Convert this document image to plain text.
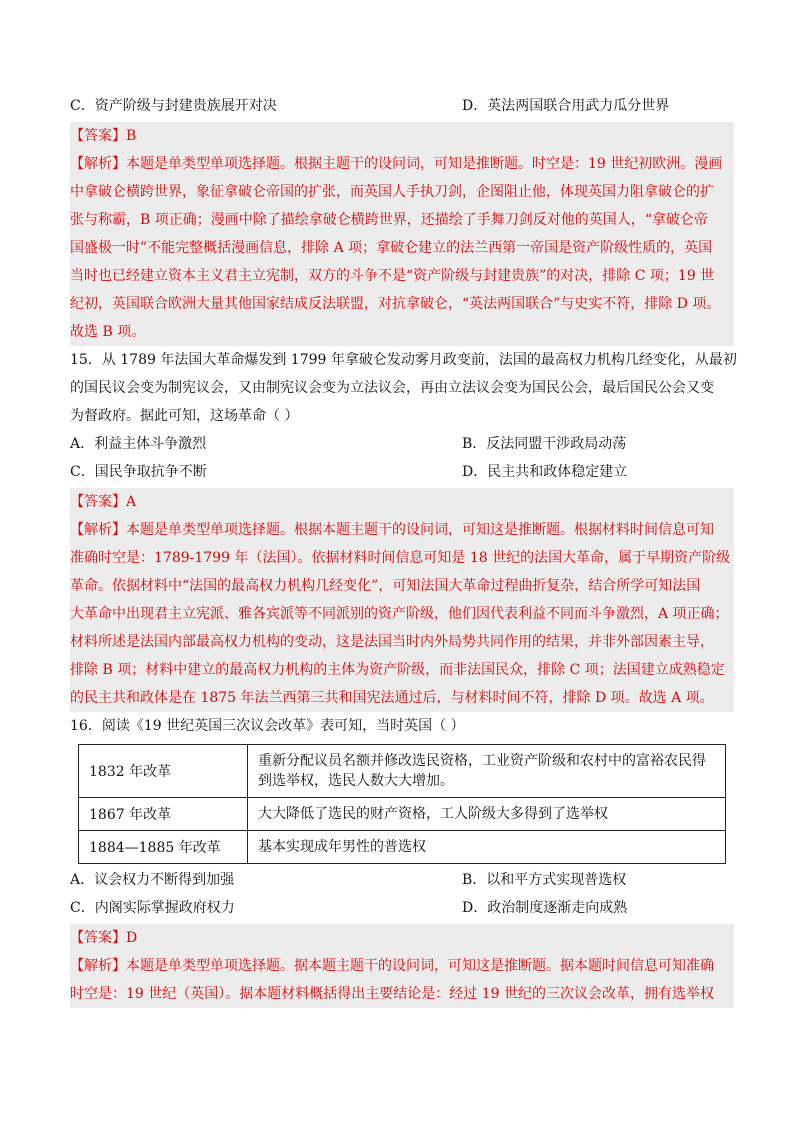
C．资产阶级与封建贵族展开对决	D．英法两国联合用武力瓜分世界
【答案】B
【解析】本题是单类型单项选择题。根据主题干的设问词，可知是推断题。时空是：19 世纪初欧洲。漫画
中拿破仑横跨世界，象征拿破仑帝国的扩张，而英国人手执刀剑，企图阻止他，体现英国力阻拿破仑的扩
张与称霸，B 项正确；漫画中除了描绘拿破仑横跨世界，还描绘了手舞刀剑反对他的英国人，“拿破仑帝
国盛极一时”不能完整概括漫画信息，排除 A 项；拿破仑建立的法兰西第一帝国是资产阶级性质的，英国
当时也已经建立资本主义君主立宪制，双方的斗争不是“资产阶级与封建贵族”的对决，排除 C 项；19 世
纪初，英国联合欧洲大量其他国家结成反法联盟，对抗拿破仑，“英法两国联合”与史实不符，排除 D 项。
故选 B 项。
15．从 1789 年法国大革命爆发到 1799 年拿破仑发动雾月政变前，法国的最高权力机构几经变化，从最初
的国民议会变为制宪议会，又由制宪议会变为立法议会，再由立法议会变为国民公会，最后国民公会又变
为督政府。据此可知，这场革命（ ）
A．利益主体斗争激烈	B．反法同盟干涉政局动荡
C．国民争取抗争不断	D．民主共和政体稳定建立
【答案】A
【解析】本题是单类型单项选择题。根据本题主题干的设问词，可知这是推断题。根据材料时间信息可知
准确时空是：1789-1799 年（法国）。依据材料时间信息可知是 18 世纪的法国大革命，属于早期资产阶级
革命。依据材料中“法国的最高权力机构几经变化”，可知法国大革命过程曲折复杂，结合所学可知法国
大革命中出现君主立宪派、雅各宾派等不同派别的资产阶级，他们因代表利益不同而斗争激烈，A 项正确；
材料所述是法国内部最高权力机构的变动，这是法国当时内外局势共同作用的结果，并非外部因素主导，
排除 B 项；材料中建立的最高权力机构的主体为资产阶级，而非法国民众，排除 C 项；法国建立成熟稳定
的民主共和政体是在 1875 年法兰西第三共和国宪法通过后，与材料时间不符，排除 D 项。故选 A 项。
16．阅读《19 世纪英国三次议会改革》表可知，当时英国（ ）
1832 年改革	重新分配议员名额并修改选民资格，工业资产阶级和农村中的富裕农民得到选举权，选民人数大大增加。
1867 年改革	大大降低了选民的财产资格，工人阶级大多得到了选举权
1884—1885 年改革	基本实现成年男性的普选权
A．议会权力不断得到加强	B．以和平方式实现普选权
C．内阁实际掌握政府权力	D．政治制度逐渐走向成熟
【答案】D
【解析】本题是单类型单项选择题。据本题主题干的设问词，可知这是推断题。据本题时间信息可知准确
时空是：19 世纪（英国）。据本题材料概括得出主要结论是：经过 19 世纪的三次议会改革，拥有选举权
